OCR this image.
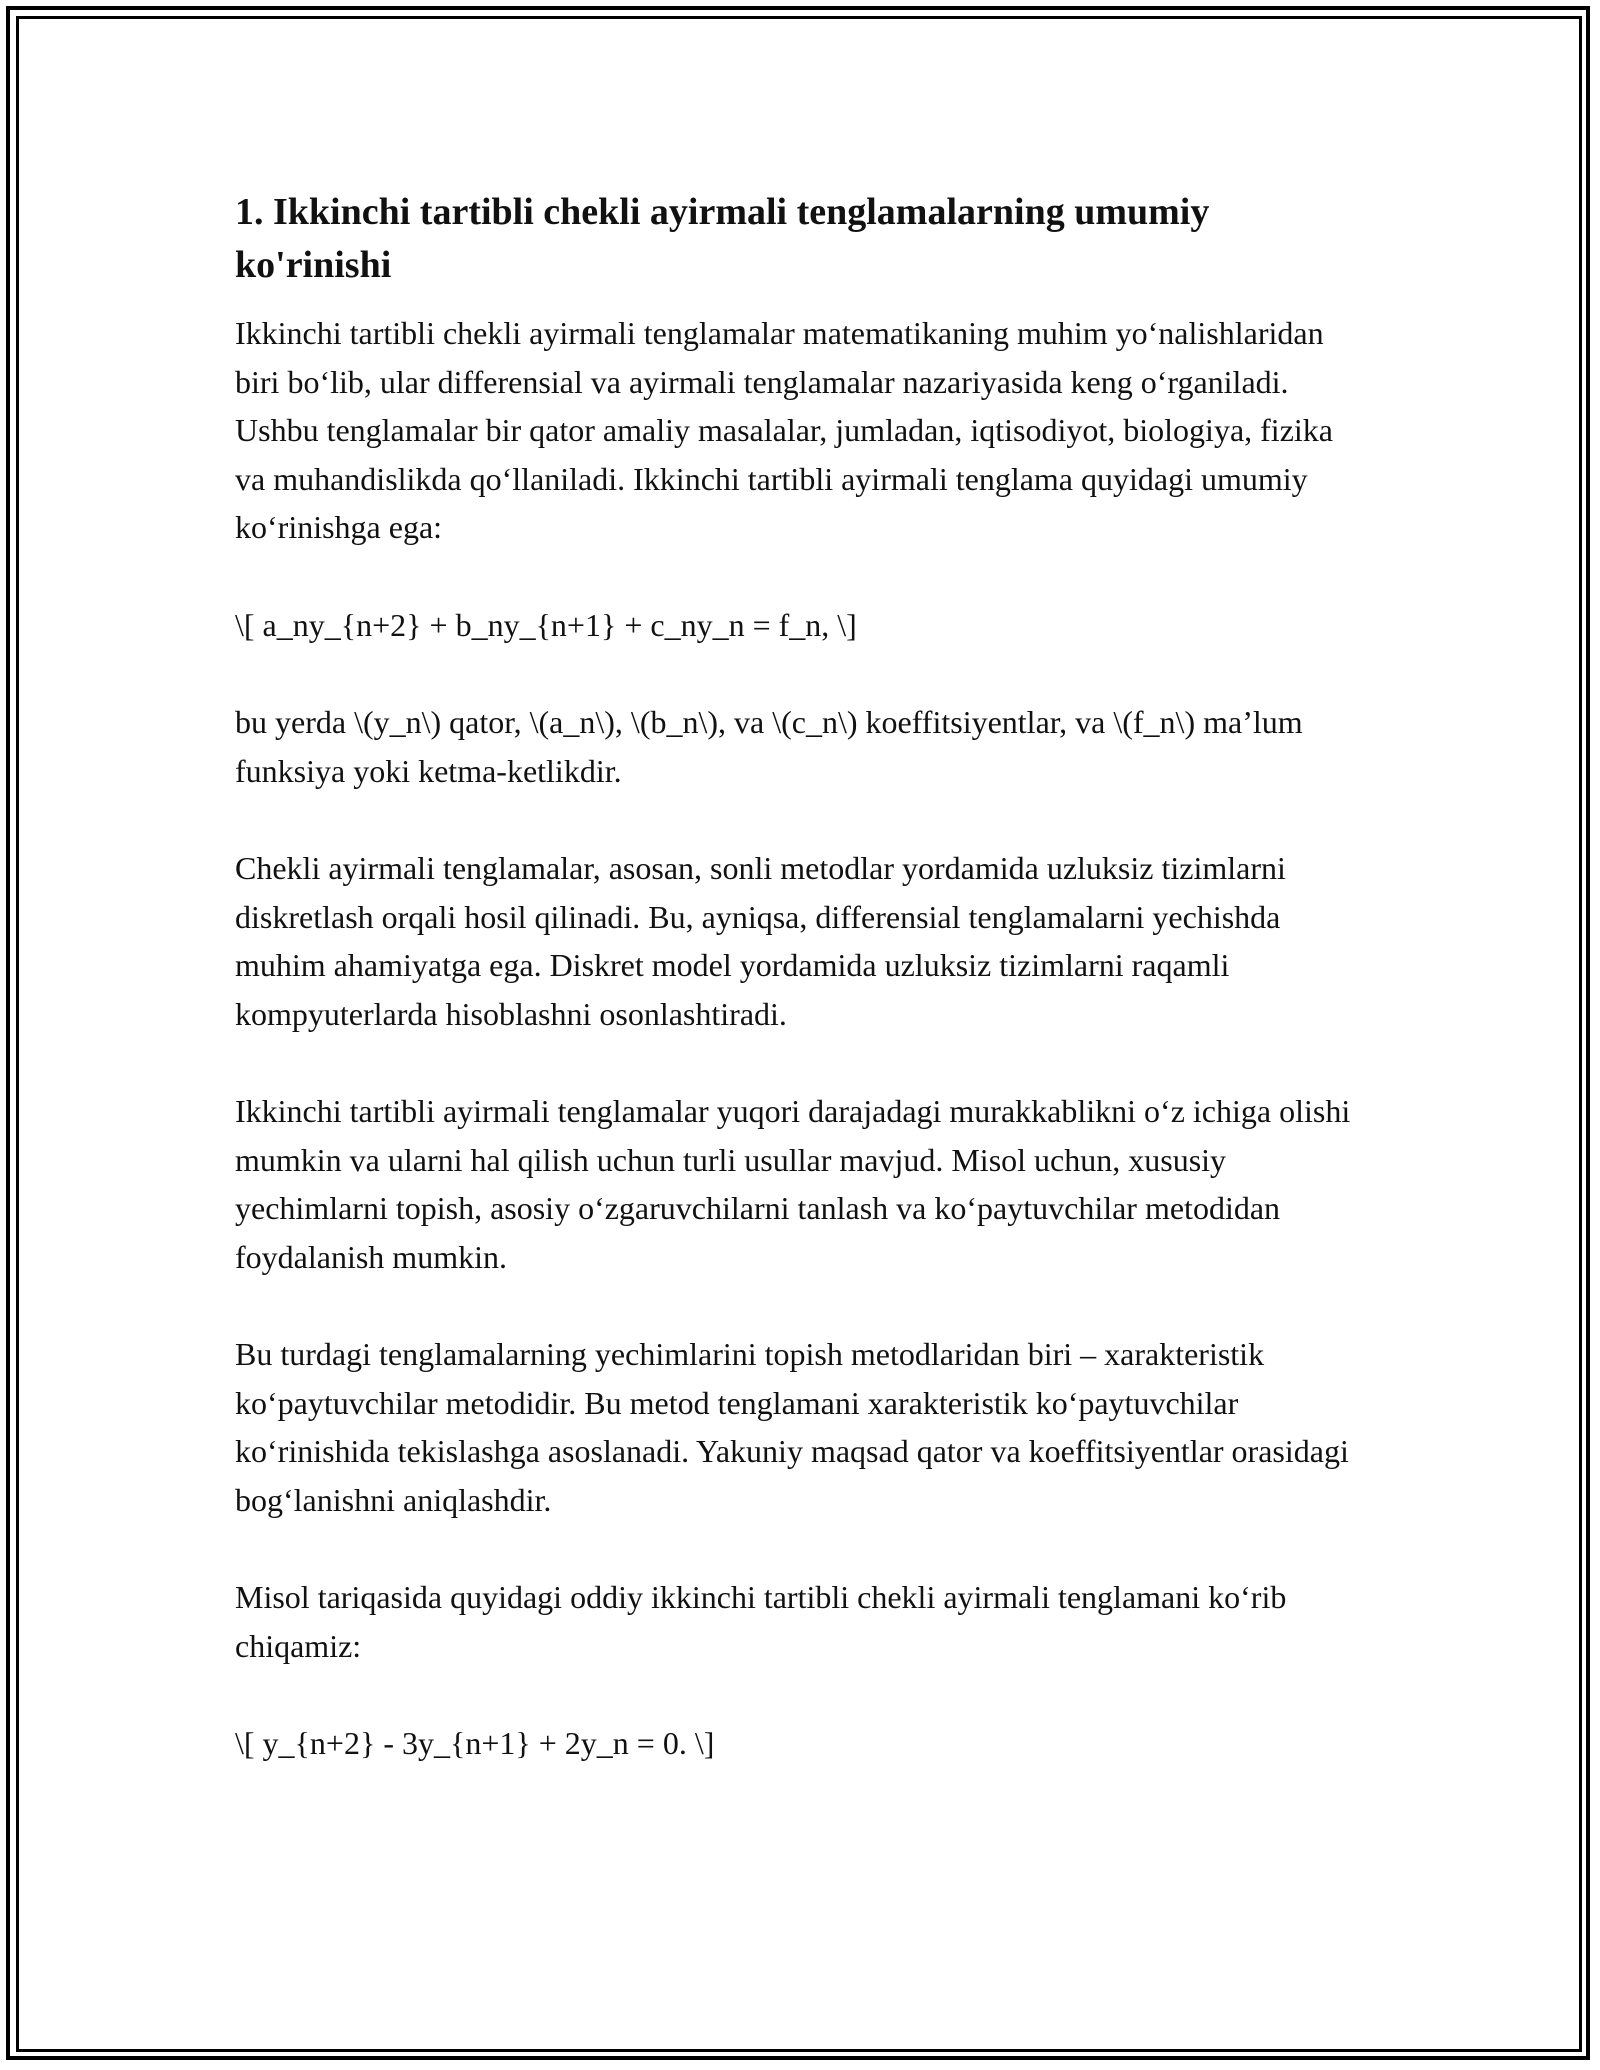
1. Ikkinchi tartibli chekli ayirmali tenglamalarning umumiy ko'rinishi

Ikkinchi tartibli chekli ayirmali tenglamalar matematikaning muhim yo‘nalishlaridan biri bo‘lib, ular differensial va ayirmali tenglamalar nazariyasida keng o‘rganiladi. Ushbu tenglamalar bir qator amaliy masalalar, jumladan, iqtisodiyot, biologiya, fizika va muhandislikda qo‘llaniladi. Ikkinchi tartibli ayirmali tenglama quyidagi umumiy ko‘rinishga ega:

\[ a_ny_{n+2} + b_ny_{n+1} + c_ny_n = f_n, \]

bu yerda \(y_n\) qator, \(a_n\), \(b_n\), va \(c_n\) koeffitsiyentlar, va \(f_n\) ma’lum funksiya yoki ketma-ketlikdir.

Chekli ayirmali tenglamalar, asosan, sonli metodlar yordamida uzluksiz tizimlarni diskretlash orqali hosil qilinadi. Bu, ayniqsa, differensial tenglamalarni yechishda muhim ahamiyatga ega. Diskret model yordamida uzluksiz tizimlarni raqamli kompyuterlarda hisoblashni osonlashtiradi.

Ikkinchi tartibli ayirmali tenglamalar yuqori darajadagi murakkablikni o‘z ichiga olishi mumkin va ularni hal qilish uchun turli usullar mavjud. Misol uchun, xususiy yechimlarni topish, asosiy o‘zgaruvchilarni tanlash va ko‘paytuvchilar metodidan foydalanish mumkin.

Bu turdagi tenglamalarning yechimlarini topish metodlaridan biri – xarakteristik ko‘paytuvchilar metodidir. Bu metod tenglamani xarakteristik ko‘paytuvchilar ko‘rinishida tekislashga asoslanadi. Yakuniy maqsad qator va koeffitsiyentlar orasidagi bog‘lanishni aniqlashdir.

Misol tariqasida quyidagi oddiy ikkinchi tartibli chekli ayirmali tenglamani ko‘rib chiqamiz:

\[ y_{n+2} - 3y_{n+1} + 2y_n = 0. \]
